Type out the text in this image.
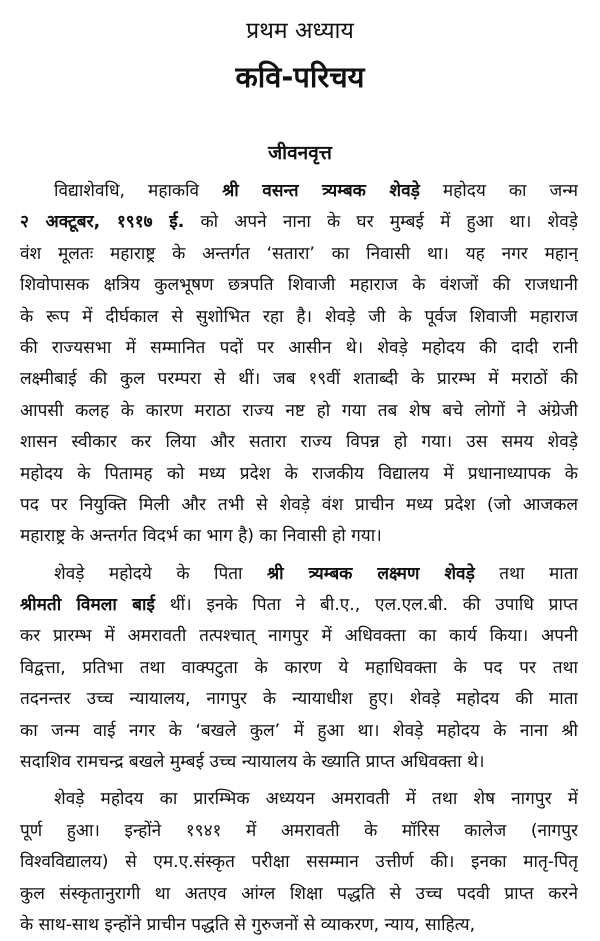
प्रथम अध्याय
कवि-परिचय
जीवनवृत्त
विद्याशेवधि, महाकवि श्री वसन्त त्र्यम्बक शेवड़े महोदय का जन्म
२ अक्टूबर, १९१७ ई. को अपने नाना के घर मुम्बई में हुआ था। शेवड़े
वंश मूलतः महाराष्ट्र के अन्तर्गत ‘सतारा’ का निवासी था। यह नगर महान्
शिवोपासक क्षत्रिय कुलभूषण छत्रपति शिवाजी महाराज के वंशजों की राजधानी
के रूप में दीर्घकाल से सुशोभित रहा है। शेवड़े जी के पूर्वज शिवाजी महाराज
की राज्यसभा में सम्मानित पदों पर आसीन थे। शेवड़े महोदय की दादी रानी
लक्ष्मीबाई की कुल परम्परा से थीं। जब १९वीं शताब्दी के प्रारम्भ में मराठों की
आपसी कलह के कारण मराठा राज्य नष्ट हो गया तब शेष बचे लोगों ने अंग्रेजी
शासन स्वीकार कर लिया और सतारा राज्य विपन्न हो गया। उस समय शेवड़े
महोदय के पितामह को मध्य प्रदेश के राजकीय विद्यालय में प्रधानाध्यापक के
पद पर नियुक्ति मिली और तभी से शेवड़े वंश प्राचीन मध्य प्रदेश (जो आजकल
महाराष्ट्र के अन्तर्गत विदर्भ का भाग है) का निवासी हो गया।
शेवड़े महोदये के पिता श्री त्र्यम्बक लक्ष्मण शेवड़े तथा माता
श्रीमती विमला बाई थीं। इनके पिता ने बी.ए., एल.एल.बी. की उपाधि प्राप्त
कर प्रारम्भ में अमरावती तत्पश्चात् नागपुर में अधिवक्ता का कार्य किया। अपनी
विद्वत्ता, प्रतिभा तथा वाक्पटुता के कारण ये महाधिवक्ता के पद पर तथा
तदनन्तर उच्च न्यायालय, नागपुर के न्यायाधीश हुए। शेवड़े महोदय की माता
का जन्म वाई नगर के ‘बखले कुल’ में हुआ था। शेवड़े महोदय के नाना श्री
सदाशिव रामचन्द्र बखले मुम्बई उच्च न्यायालय के ख्याति प्राप्त अधिवक्ता थे।
शेवड़े महोदय का प्रारम्भिक अध्ययन अमरावती में तथा शेष नागपुर में
पूर्ण हुआ। इन्होंने १९४१ में अमरावती के मॉरिस कालेज (नागपुर
विश्वविद्यालय) से एम.ए.संस्कृत परीक्षा ससम्मान उत्तीर्ण की। इनका मातृ-पितृ
कुल संस्कृतानुरागी था अतएव आंग्ल शिक्षा पद्धति से उच्च पदवी प्राप्त करने
के साथ-साथ इन्होंने प्राचीन पद्धति से गुरुजनों से व्याकरण, न्याय, साहित्य,
